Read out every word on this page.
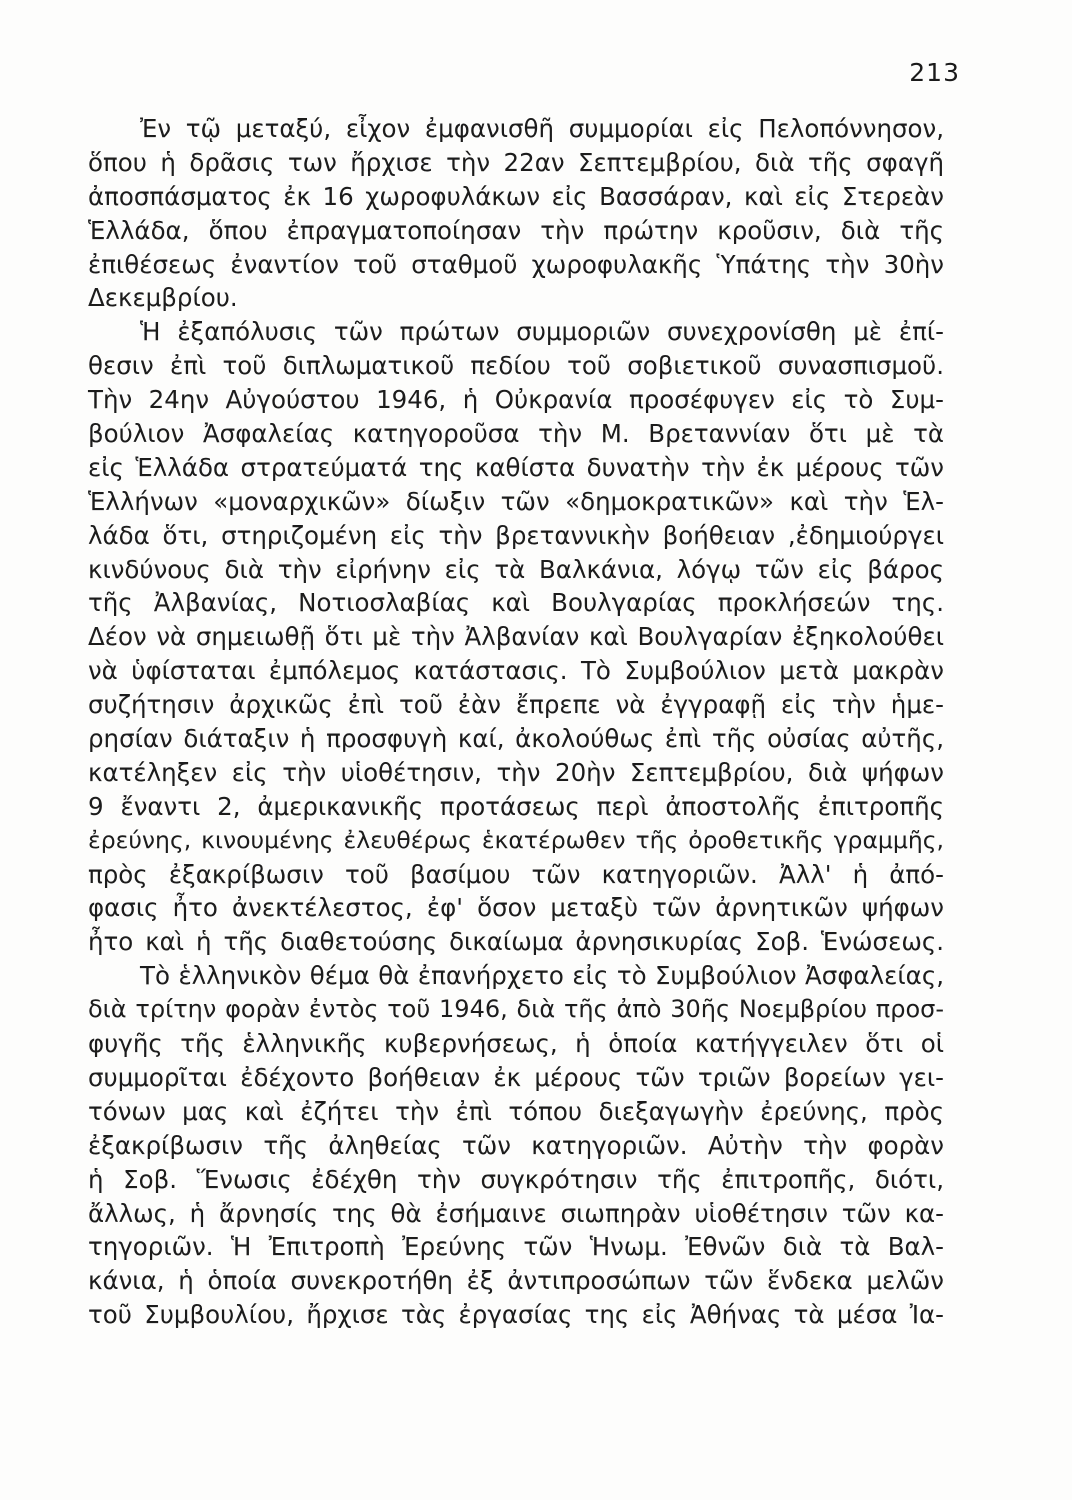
213
Ἐν τῷ μεταξύ, εἶχον ἐμφανισθῆ συμμορίαι εἰς Πελοπόννησον,
ὅπου ἡ δρᾶσις των ἤρχισε τὴν 22αν Σεπτεμβρίου, διὰ τῆς σφαγῆ
ἀποσπάσματος ἐκ 16 χωροφυλάκων εἰς Βασσάραν, καὶ εἰς Στερεὰν
Ἑλλάδα, ὅπου ἐπραγματοποίησαν τὴν πρώτην κροῦσιν, διὰ τῆς
ἐπιθέσεως ἐναντίον τοῦ σταθμοῦ χωροφυλακῆς Ὑπάτης τὴν 30ὴν
Δεκεμβρίου.
Ἡ ἐξαπόλυσις τῶν πρώτων συμμοριῶν συνεχρονίσθη μὲ ἐπί-
θεσιν ἐπὶ τοῦ διπλωματικοῦ πεδίου τοῦ σοβιετικοῦ συνασπισμοῦ.
Τὴν 24ην Αὐγούστου 1946, ἡ Οὐκρανία προσέφυγεν εἰς τὸ Συμ-
βούλιον Ἀσφαλείας κατηγοροῦσα τὴν Μ. Βρεταννίαν ὅτι μὲ τὰ
εἰς Ἑλλάδα στρατεύματά της καθίστα δυνατὴν τὴν ἐκ μέρους τῶν
Ἑλλήνων «μοναρχικῶν» δίωξιν τῶν «δημοκρατικῶν» καὶ τὴν Ἑλ-
λάδα ὅτι, στηριζομένη εἰς τὴν βρεταννικὴν βοήθειαν ,ἐδημιούργει
κινδύνους διὰ τὴν εἰρήνην εἰς τὰ Βαλκάνια, λόγῳ τῶν εἰς βάρος
τῆς Ἀλβανίας, Νοτιοσλαβίας καὶ Βουλγαρίας προκλήσεών της.
Δέον νὰ σημειωθῇ ὅτι μὲ τὴν Ἀλβανίαν καὶ Βουλγαρίαν ἐξηκολούθει
νὰ ὑφίσταται ἐμπόλεμος κατάστασις. Τὸ Συμβούλιον μετὰ μακρὰν
συζήτησιν ἀρχικῶς ἐπὶ τοῦ ἐὰν ἔπρεπε νὰ ἐγγραφῇ εἰς τὴν ἡμε-
ρησίαν διάταξιν ἡ προσφυγὴ καί, ἀκολούθως ἐπὶ τῆς οὐσίας αὐτῆς,
κατέληξεν εἰς τὴν υἱοθέτησιν, τὴν 20ὴν Σεπτεμβρίου, διὰ ψήφων
9 ἔναντι 2, ἀμερικανικῆς προτάσεως περὶ ἀποστολῆς ἐπιτροπῆς
ἐρεύνης, κινουμένης ἐλευθέρως ἑκατέρωθεν τῆς ὀροθετικῆς γραμμῆς,
πρὸς ἐξακρίβωσιν τοῦ βασίμου τῶν κατηγοριῶν. Ἀλλ' ἡ ἀπό-
φασις ἦτο ἀνεκτέλεστος, ἐφ' ὅσον μεταξὺ τῶν ἀρνητικῶν ψήφων
ἦτο καὶ ἡ τῆς διαθετούσης δικαίωμα ἀρνησικυρίας Σοβ. Ἑνώσεως.
Τὸ ἑλληνικὸν θέμα θὰ ἐπανήρχετο εἰς τὸ Συμβούλιον Ἀσφαλείας,
διὰ τρίτην φορὰν ἐντὸς τοῦ 1946, διὰ τῆς ἀπὸ 30ῆς Νοεμβρίου προσ-
φυγῆς τῆς ἑλληνικῆς κυβερνήσεως, ἡ ὁποία κατήγγειλεν ὅτι οἱ
συμμορῖται ἐδέχοντο βοήθειαν ἐκ μέρους τῶν τριῶν βορείων γει-
τόνων μας καὶ ἐζήτει τὴν ἐπὶ τόπου διεξαγωγὴν ἐρεύνης, πρὸς
ἐξακρίβωσιν τῆς ἀληθείας τῶν κατηγοριῶν. Αὐτὴν τὴν φορὰν
ἡ Σοβ. Ἕνωσις ἐδέχθη τὴν συγκρότησιν τῆς ἐπιτροπῆς, διότι,
ἄλλως, ἡ ἄρνησίς της θὰ ἐσήμαινε σιωπηρὰν υἱοθέτησιν τῶν κα-
τηγοριῶν. Ἡ Ἐπιτροπὴ Ἐρεύνης τῶν Ἡνωμ. Ἐθνῶν διὰ τὰ Βαλ-
κάνια, ἡ ὁποία συνεκροτήθη ἐξ ἀντιπροσώπων τῶν ἕνδεκα μελῶν
τοῦ Συμβουλίου, ἤρχισε τὰς ἐργασίας της εἰς Ἀθήνας τὰ μέσα Ἰα-
